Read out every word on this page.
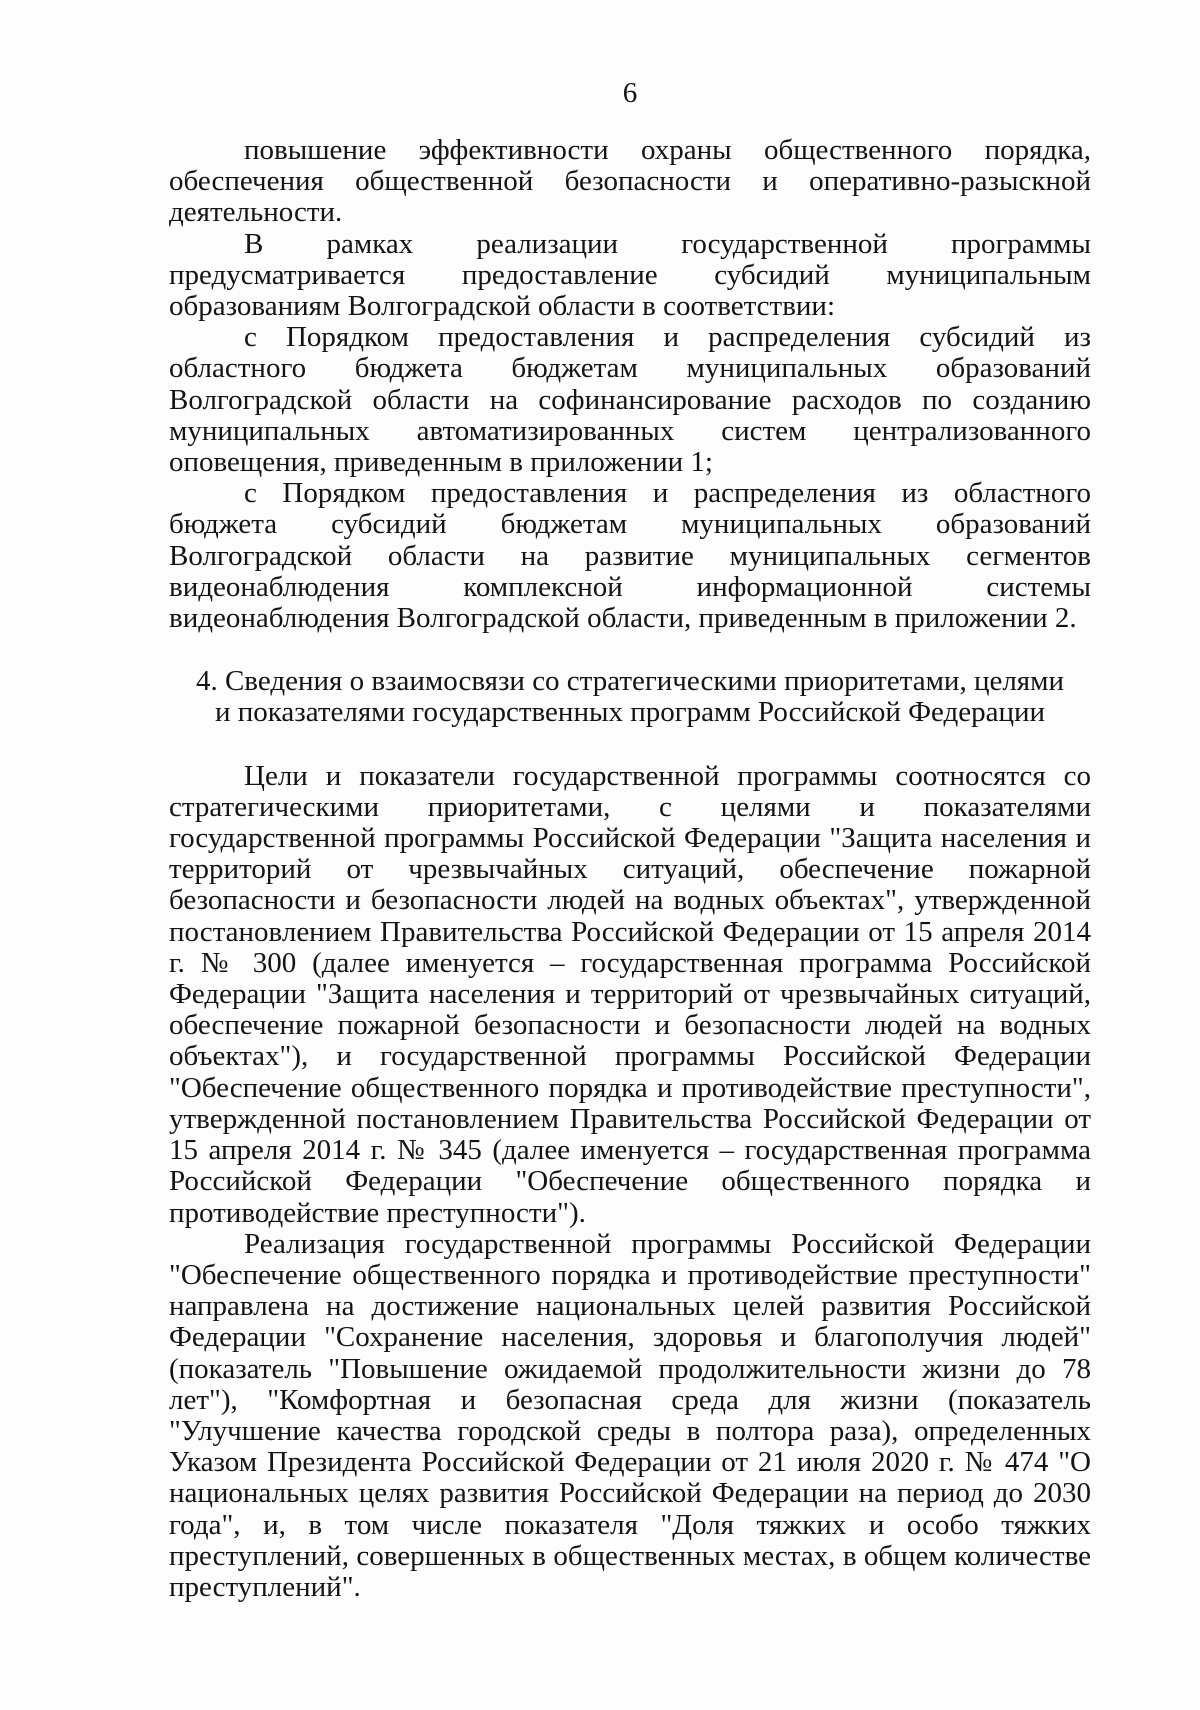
6

повышение эффективности охраны общественного порядка, обеспечения общественной безопасности и оперативно-разыскной деятельности.

В рамках реализации государственной программы предусматривается предоставление субсидий муниципальным образованиям Волгоградской области в соответствии:

с Порядком предоставления и распределения субсидий из областного бюджета бюджетам муниципальных образований Волгоградской области на софинансирование расходов по созданию муниципальных автоматизированных систем централизованного оповещения, приведенным в приложении 1;

с Порядком предоставления и распределения из областного бюджета субсидий бюджетам муниципальных образований Волгоградской области на развитие муниципальных сегментов видеонаблюдения комплексной информационной системы видеонаблюдения Волгоградской области, приведенным в приложении 2.

4. Сведения о взаимосвязи со стратегическими приоритетами, целями
и показателями государственных программ Российской Федерации

Цели и показатели государственной программы соотносятся со стратегическими приоритетами, с целями и показателями государственной программы Российской Федерации "Защита населения и территорий от чрезвычайных ситуаций, обеспечение пожарной безопасности и безопасности людей на водных объектах", утвержденной постановлением Правительства Российской Федерации от 15 апреля 2014 г. № 300 (далее именуется – государственная программа Российской Федерации "Защита населения и территорий от чрезвычайных ситуаций, обеспечение пожарной безопасности и безопасности людей на водных объектах"), и государственной программы Российской Федерации "Обеспечение общественного порядка и противодействие преступности", утвержденной постановлением Правительства Российской Федерации от 15 апреля 2014 г. № 345 (далее именуется – государственная программа Российской Федерации "Обеспечение общественного порядка и противодействие преступности").

Реализация государственной программы Российской Федерации "Обеспечение общественного порядка и противодействие преступности" направлена на достижение национальных целей развития Российской Федерации "Сохранение населения, здоровья и благополучия людей" (показатель "Повышение ожидаемой продолжительности жизни до 78 лет"), "Комфортная и безопасная среда для жизни (показатель "Улучшение качества городской среды в полтора раза), определенных Указом Президента Российской Федерации от 21 июля 2020 г. № 474 "О национальных целях развития Российской Федерации на период до 2030 года", и, в том числе показателя "Доля тяжких и особо тяжких преступлений, совершенных в общественных местах, в общем количестве преступлений".
